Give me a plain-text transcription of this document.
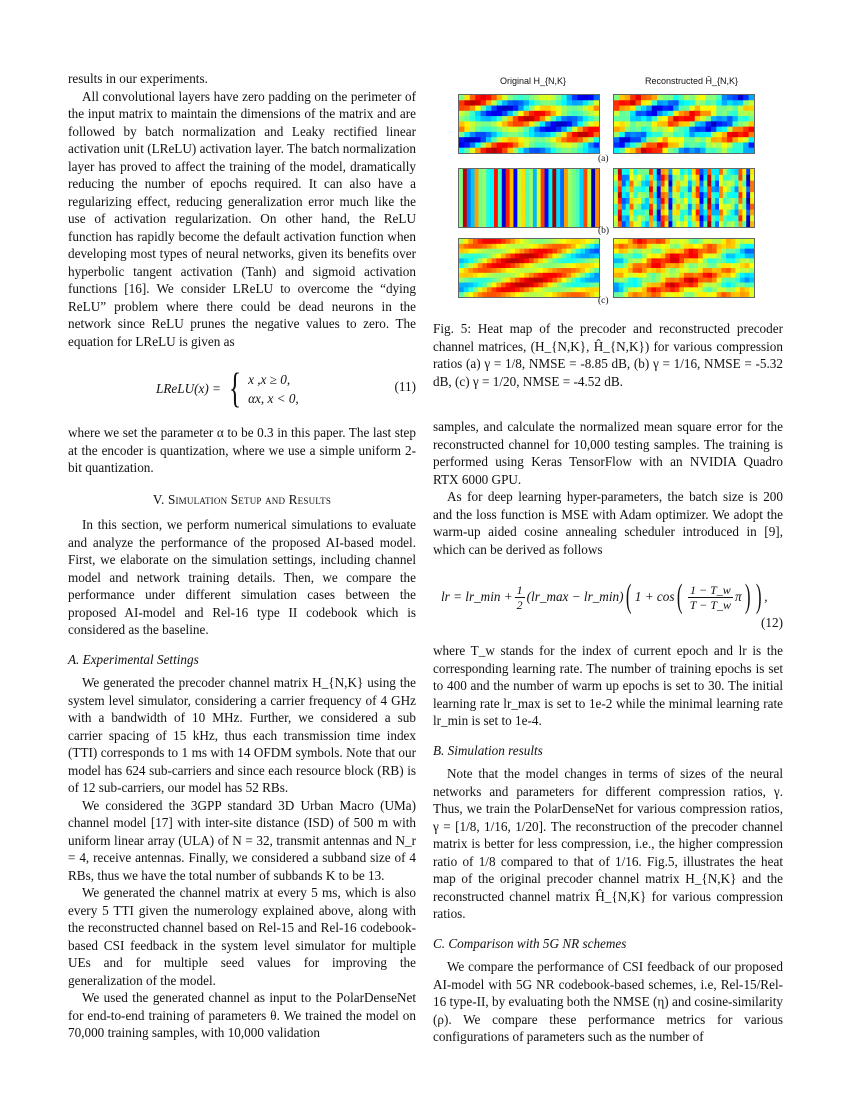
results in our experiments.

All convolutional layers have zero padding on the perimeter of the input matrix to maintain the dimensions of the matrix and are followed by batch normalization and Leaky rectified linear activation unit (LReLU) activation layer. The batch normalization layer has proved to affect the training of the model, dramatically reducing the number of epochs required. It can also have a regularizing effect, reducing generalization error much like the use of activation regularization. On other hand, the ReLU function has rapidly become the default activation function when developing most types of neural networks, given its benefits over hyperbolic tangent activation (Tanh) and sigmoid activation functions [16]. We consider LReLU to overcome the “dying ReLU” problem where there could be dead neurons in the network since ReLU prunes the negative values to zero. The equation for LReLU is given as

LReLU(x) = { x ,x ≥ 0,
αx, x < 0,
(11)

where we set the parameter α to be 0.3 in this paper. The last step at the encoder is quantization, where we use a simple uniform 2-bit quantization.

V. Simulation Setup and Results

In this section, we perform numerical simulations to evaluate and analyze the performance of the proposed AI-based model. First, we elaborate on the simulation settings, including channel model and network training details. Then, we compare the performance under different simulation cases between the proposed AI-model and Rel-16 type II codebook which is considered as the baseline.

A. Experimental Settings

We generated the precoder channel matrix H_{N,K} using the system level simulator, considering a carrier frequency of 4 GHz with a bandwidth of 10 MHz. Further, we considered a sub carrier spacing of 15 kHz, thus each transmission time index (TTI) corresponds to 1 ms with 14 OFDM symbols. Note that our model has 624 sub-carriers and since each resource block (RB) is of 12 sub-carriers, our model has 52 RBs.

We considered the 3GPP standard 3D Urban Macro (UMa) channel model [17] with inter-site distance (ISD) of 500 m with uniform linear array (ULA) of N = 32, transmit antennas and N_r = 4, receive antennas. Finally, we considered a subband size of 4 RBs, thus we have the total number of subbands K to be 13.

We generated the channel matrix at every 5 ms, which is also every 5 TTI given the numerology explained above, along with the reconstructed channel based on Rel-15 and Rel-16 codebook-based CSI feedback in the system level simulator for multiple UEs and for multiple seed values for improving the generalization of the model.

We used the generated channel as input to the PolarDenseNet for end-to-end training of parameters θ. We trained the model on 70,000 training samples, with 10,000 validation

Original H_{N,K}	Reconstructed Ĥ_{N,K}
(a)
(b)
(c)
Fig. 5: Heat map of the precoder and reconstructed precoder channel matrices, (H_{N,K}, Ĥ_{N,K}) for various compression ratios (a) γ = 1/8, NMSE = -8.85 dB, (b) γ = 1/16, NMSE = -5.32 dB, (c) γ = 1/20, NMSE = -4.52 dB.

samples, and calculate the normalized mean square error for the reconstructed channel for 10,000 testing samples. The training is performed using Keras TensorFlow with an NVIDIA Quadro RTX 6000 GPU.

As for deep learning hyper-parameters, the batch size is 200 and the loss function is MSE with Adam optimizer. We adopt the warm-up aided cosine annealing scheduler introduced in [9], which can be derived as follows

lr = lr_min + $\frac{1}{2}$ (lr_max − lr_min) ( 1 + cos ( $\frac{1 - T\_w}{T - T\_w}$ π ) ) ,
(12)

where T_w stands for the index of current epoch and lr is the corresponding learning rate. The number of training epochs is set to 400 and the number of warm up epochs is set to 30. The initial learning rate lr_max is set to 1e-2 while the minimal learning rate lr_min is set to 1e-4.

B. Simulation results

Note that the model changes in terms of sizes of the neural networks and parameters for different compression ratios, γ. Thus, we train the PolarDenseNet for various compression ratios, γ = [1/8, 1/16, 1/20]. The reconstruction of the precoder channel matrix is better for less compression, i.e., the higher compression ratio of 1/8 compared to that of 1/16. Fig.5, illustrates the heat map of the original precoder channel matrix H_{N,K} and the reconstructed channel matrix Ĥ_{N,K} for various compression ratios.

C. Comparison with 5G NR schemes

We compare the performance of CSI feedback of our proposed AI-model with 5G NR codebook-based schemes, i.e, Rel-15/Rel-16 type-II, by evaluating both the NMSE (η) and cosine-similarity (ρ). We compare these performance metrics for various configurations of parameters such as the number of
